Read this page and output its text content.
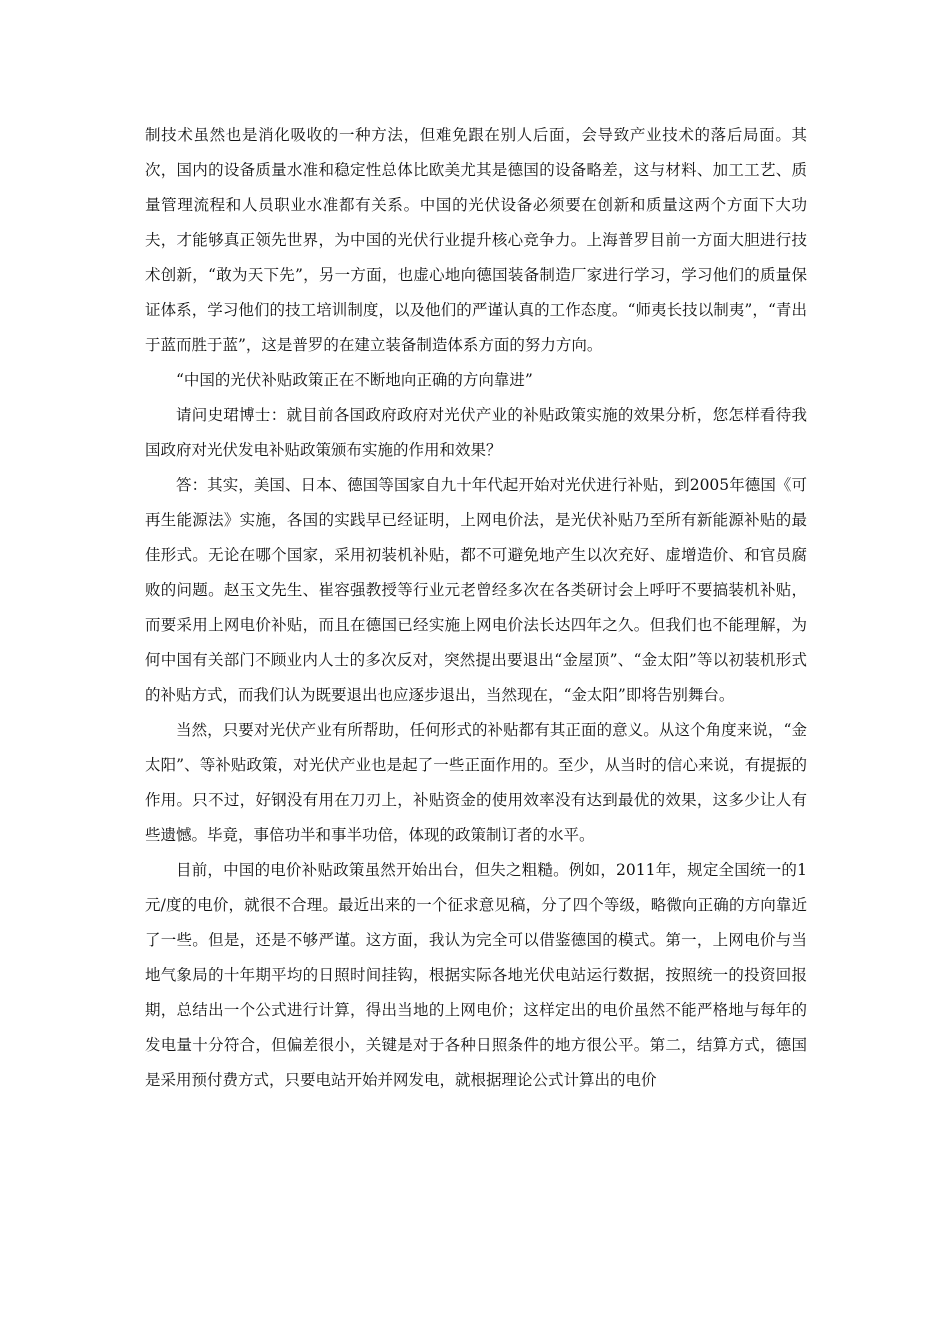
制技术虽然也是消化吸收的一种方法，但难免跟在别人后面，会导致产业技术的落后局面。其次，国内的设备质量水准和稳定性总体比欧美尤其是德国的设备略差，这与材料、加工工艺、质量管理流程和人员职业水准都有关系。中国的光伏设备必须要在创新和质量这两个方面下大功夫，才能够真正领先世界，为中国的光伏行业提升核心竞争力。上海普罗目前一方面大胆进行技术创新，“敢为天下先”，另一方面，也虚心地向德国装备制造厂家进行学习，学习他们的质量保证体系，学习他们的技工培训制度，以及他们的严谨认真的工作态度。“师夷长技以制夷”，“青出于蓝而胜于蓝”，这是普罗的在建立装备制造体系方面的努力方向。

“中国的光伏补贴政策正在不断地向正确的方向靠进”

请问史珺博士：就目前各国政府政府对光伏产业的补贴政策实施的效果分析，您怎样看待我国政府对光伏发电补贴政策颁布实施的作用和效果？

答：其实，美国、日本、德国等国家自九十年代起开始对光伏进行补贴，到2005年德国《可再生能源法》实施，各国的实践早已经证明，上网电价法，是光伏补贴乃至所有新能源补贴的最佳形式。无论在哪个国家，采用初装机补贴，都不可避免地产生以次充好、虚增造价、和官员腐败的问题。赵玉文先生、崔容强教授等行业元老曾经多次在各类研讨会上呼吁不要搞装机补贴，而要采用上网电价补贴，而且在德国已经实施上网电价法长达四年之久。但我们也不能理解，为何中国有关部门不顾业内人士的多次反对，突然提出要退出“金屋顶”、“金太阳”等以初装机形式的补贴方式，而我们认为既要退出也应逐步退出，当然现在，“金太阳”即将告别舞台。

当然，只要对光伏产业有所帮助，任何形式的补贴都有其正面的意义。从这个角度来说，“金太阳”、等补贴政策，对光伏产业也是起了一些正面作用的。至少，从当时的信心来说，有提振的作用。只不过，好钢没有用在刀刃上，补贴资金的使用效率没有达到最优的效果，这多少让人有些遗憾。毕竟，事倍功半和事半功倍，体现的政策制订者的水平。

目前，中国的电价补贴政策虽然开始出台，但失之粗糙。例如，2011年，规定全国统一的1元/度的电价，就很不合理。最近出来的一个征求意见稿，分了四个等级，略微向正确的方向靠近了一些。但是，还是不够严谨。这方面，我认为完全可以借鉴德国的模式。第一，上网电价与当地气象局的十年期平均的日照时间挂钩，根据实际各地光伏电站运行数据，按照统一的投资回报期，总结出一个公式进行计算，得出当地的上网电价；这样定出的电价虽然不能严格地与每年的发电量十分符合，但偏差很小，关键是对于各种日照条件的地方很公平。第二，结算方式，德国是采用预付费方式，只要电站开始并网发电，就根据理论公式计算出的电价
